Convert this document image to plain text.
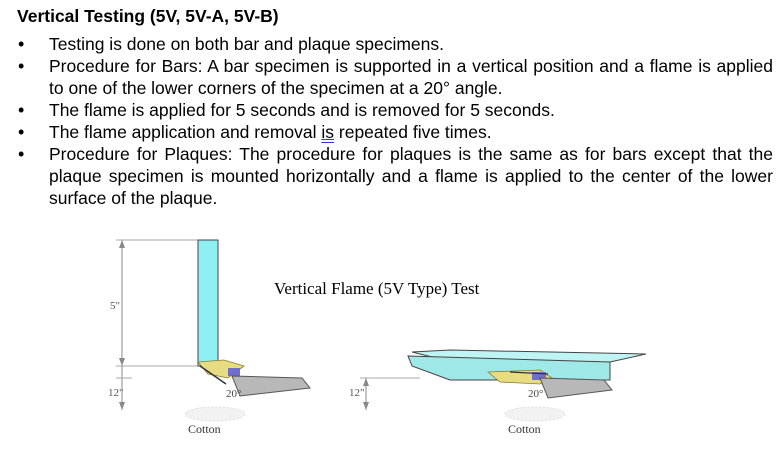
Vertical Testing (5V, 5V-A, 5V-B)
• Testing is done on both bar and plaque specimens.
• Procedure for Bars: A bar specimen is supported in a vertical position and a flame is applied to one of the lower corners of the specimen at a 20° angle.
• The flame is applied for 5 seconds and is removed for 5 seconds.
• The flame application and removal is repeated five times.
• Procedure for Plaques: The procedure for plaques is the same as for bars except that the plaque specimen is mounted horizontally and a flame is applied to the center of the lower surface of the plaque.
5"
12"	20°
Cotton
Vertical Flame (5V Type) Test
12"	20°
Cotton
